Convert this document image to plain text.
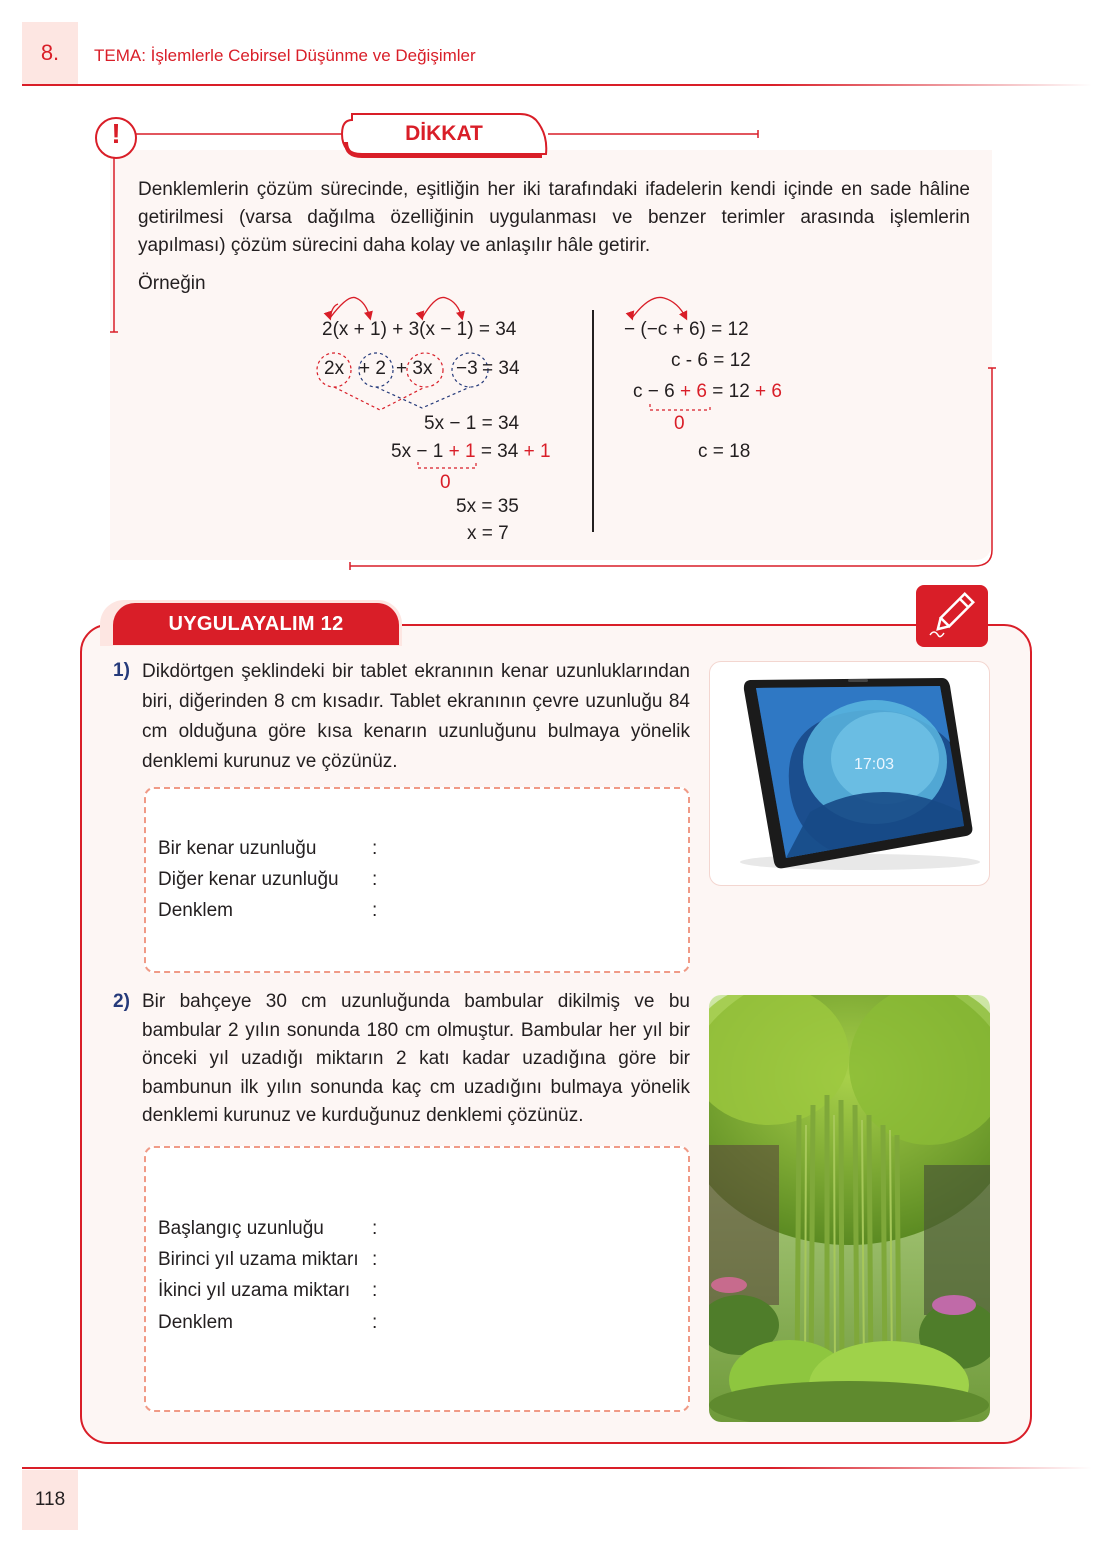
8.	TEMA: İşlemlerle Cebirsel Düşünme ve Değişimler
!	DİKKAT
Denklemlerin çözüm sürecinde, eşitliğin her iki tarafındaki ifadelerin kendi içinde en sade hâline getirilmesi (varsa dağılma özelliğinin uygulanması ve benzer terimler arasında işlemlerin yapılması) çözüm sürecini daha kolay ve anlaşılır hâle getirir.
Örneğin
2(x + 1) + 3(x − 1) = 34
2x + 2 + 3x −3 = 34
5x − 1 = 34
5x − 1 + 1 = 34 + 1
0
5x = 35
x = 7
− (−c + 6) = 12
c - 6 = 12
c − 6 + 6 = 12 + 6
0
c = 18
UYGULAYALIM 12
1) Dikdörtgen şeklindeki bir tablet ekranının kenar uzunluklarından biri, diğerinden 8 cm kısadır. Tablet ekranının çevre uzunluğu 84 cm olduğuna göre kısa kenarın uzunluğunu bulmaya yönelik denklemi kurunuz ve çözünüz.
Bir kenar uzunluğu
Diğer kenar uzunluğu
Denklem
:
:
:
17:03
2) Bir bahçeye 30 cm uzunluğunda bambular dikilmiş ve bu bambular 2 yılın sonunda 180 cm olmuştur. Bambular her yıl bir önceki yıl uzadığı miktarın 2 katı kadar uzadığına göre bir bambunun ilk yılın sonunda kaç cm uzadığını bulmaya yönelik denklemi kurunuz ve kurduğunuz denklemi çözünüz.
Başlangıç uzunluğu
Birinci yıl uzama miktarı
İkinci yıl uzama miktarı
Denklem
:
:
:
:
118
